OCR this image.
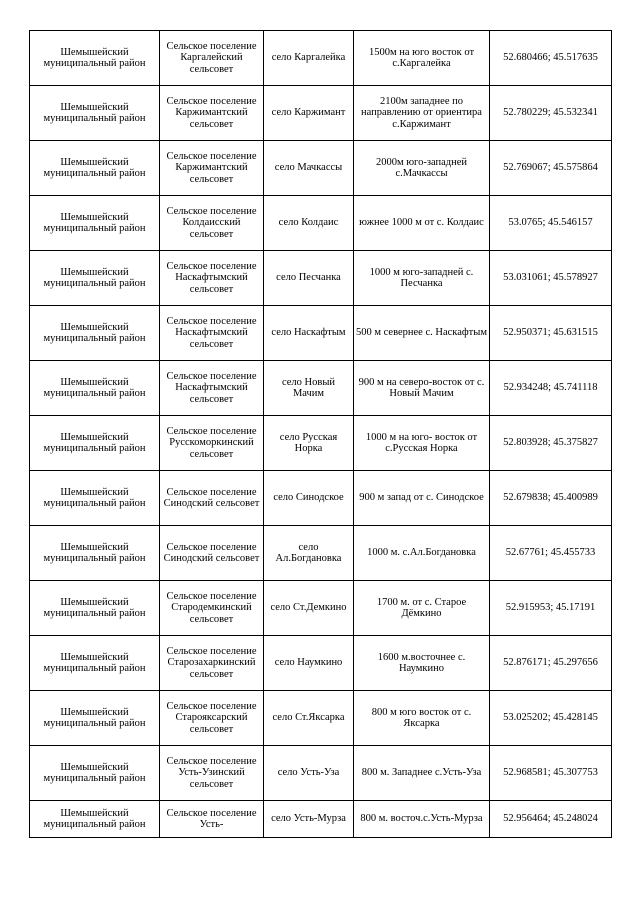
Шемышейский муниципальный район	Сельское поселение Каргалейский сельсовет	село Каргалейка	1500м на юго восток от с.Каргалейка	52.680466; 45.517635
Шемышейский муниципальный район	Сельское поселение Каржимантский сельсовет	село Каржимант	2100м западнее по направлению от ориентира с.Каржимант	52.780229; 45.532341
Шемышейский муниципальный район	Сельское поселение Каржимантский сельсовет	село Мачкассы	2000м юго-западней с.Мачкассы	52.769067; 45.575864
Шемышейский муниципальный район	Сельское поселение Колдаисский сельсовет	село Колдаис	южнее 1000 м от с. Колдаис	53.0765; 45.546157
Шемышейский муниципальный район	Сельское поселение Наскафтымский сельсовет	село Песчанка	1000 м юго-западней с. Песчанка	53.031061; 45.578927
Шемышейский муниципальный район	Сельское поселение Наскафтымский сельсовет	село Наскафтым	500 м севернее с. Наскафтым	52.950371; 45.631515
Шемышейский муниципальный район	Сельское поселение Наскафтымский сельсовет	село Новый Мачим	900 м на северо-восток от с. Новый Мачим	52.934248; 45.741118
Шемышейский муниципальный район	Сельское поселение Русскоморкинский сельсовет	село Русская Норка	1000 м на юго- восток от с.Русская Норка	52.803928; 45.375827
Шемышейский муниципальный район	Сельское поселение Синодский сельсовет	село Синодское	900 м запад от с. Синодское	52.679838; 45.400989
Шемышейский муниципальный район	Сельское поселение Синодский сельсовет	село Ал.Богдановка	1000 м. с.Ал.Богдановка	52.67761; 45.455733
Шемышейский муниципальный район	Сельское поселение Стародемкинский сельсовет	село Ст.Демкино	1700 м. от с. Старое Дёмкино	52.915953; 45.17191
Шемышейский муниципальный район	Сельское поселение Старозахаркинский сельсовет	село Наумкино	1600 м.восточнее с. Наумкино	52.876171; 45.297656
Шемышейский муниципальный район	Сельское поселение Старояксарский сельсовет	село Ст.Яксарка	800 м юго восток от с. Яксарка	53.025202; 45.428145
Шемышейский муниципальный район	Сельское поселение Усть-Узинский сельсовет	село Усть-Уза	800 м. Западнее с.Усть-Уза	52.968581; 45.307753
Шемышейский муниципальный район	Сельское поселение Усть-	село Усть-Мурза	800 м. восточ.с.Усть-Мурза	52.956464; 45.248024
